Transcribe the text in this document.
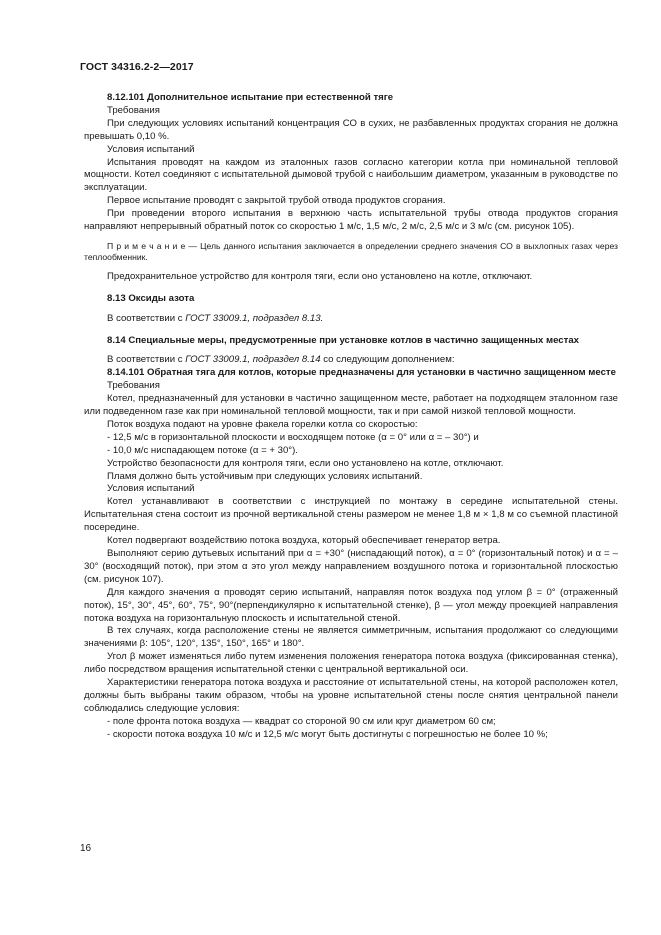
ГОСТ 34316.2-2—2017

8.12.101 Дополнительное испытание при естественной тяге

Требования

При следующих условиях испытаний концентрация СО в сухих, не разбавленных продуктах сгорания не должна превышать 0,10 %.

Условия испытаний

Испытания проводят на каждом из эталонных газов согласно категории котла при номинальной тепловой мощности. Котел соединяют с испытательной дымовой трубой с наибольшим диаметром, указанным в руководстве по эксплуатации.

Первое испытание проводят с закрытой трубой отвода продуктов сгорания.

При проведении второго испытания в верхнюю часть испытательной трубы отвода продуктов сгорания направляют непрерывный обратный поток со скоростью 1 м/с, 1,5 м/с, 2 м/с, 2,5 м/с и 3 м/с (см. рисунок 105).

П р и м е ч а н и е — Цель данного испытания заключается в определении среднего значения СО в выхлопных газах через теплообменник.

Предохранительное устройство для контроля тяги, если оно установлено на котле, отключают.

8.13 Оксиды азота

В соответствии с ГОСТ 33009.1, подраздел 8.13.

8.14 Специальные меры, предусмотренные при установке котлов в частично защищенных местах

В соответствии с ГОСТ 33009.1, подраздел 8.14 со следующим дополнением:

8.14.101 Обратная тяга для котлов, которые предназначены для установки в частично защищенном месте

Требования

Котел, предназначенный для установки в частично защищенном месте, работает на подходящем эталонном газе или подведенном газе как при номинальной тепловой мощности, так и при самой низкой тепловой мощности.

Поток воздуха подают на уровне факела горелки котла со скоростью:

- 12,5 м/с в горизонтальной плоскости и восходящем потоке (α = 0° или α = – 30°) и

- 10,0 м/с ниспадающем потоке (α = + 30°).

Устройство безопасности для контроля тяги, если оно установлено на котле, отключают.

Пламя должно быть устойчивым при следующих условиях испытаний.

Условия испытаний

Котел устанавливают в соответствии с инструкцией по монтажу в середине испытательной стены. Испытательная стена состоит из прочной вертикальной стены размером не менее 1,8 м × 1,8 м со съемной пластиной посередине.

Котел подвергают воздействию потока воздуха, который обеспечивает генератор ветра.

Выполняют серию дутьевых испытаний при α = +30° (ниспадающий поток), α = 0° (горизонтальный поток) и α = –30° (восходящий поток), при этом α это угол между направлением воздушного потока и горизонтальной плоскостью (см. рисунок 107).

Для каждого значения α проводят серию испытаний, направляя поток воздуха под углом β = 0° (отраженный поток), 15°, 30°, 45°, 60°, 75°, 90°(перпендикулярно к испытательной стенке), β — угол между проекцией направления потока воздуха на горизонтальную плоскость и испытательной стеной.

В тех случаях, когда расположение стены не является симметричным, испытания продолжают со следующими значениями β: 105°, 120°, 135°, 150°, 165° и 180°.

Угол β может изменяться либо путем изменения положения генератора потока воздуха (фиксированная стенка), либо посредством вращения испытательной стенки с центральной вертикальной оси.

Характеристики генератора потока воздуха и расстояние от испытательной стены, на которой расположен котел, должны быть выбраны таким образом, чтобы на уровне испытательной стены после снятия центральной панели соблюдались следующие условия:

- поле фронта потока воздуха — квадрат со стороной 90 см или круг диаметром 60 см;

- скорости потока воздуха 10 м/с и 12,5 м/с могут быть достигнуты с погрешностью не более 10 %;

16
